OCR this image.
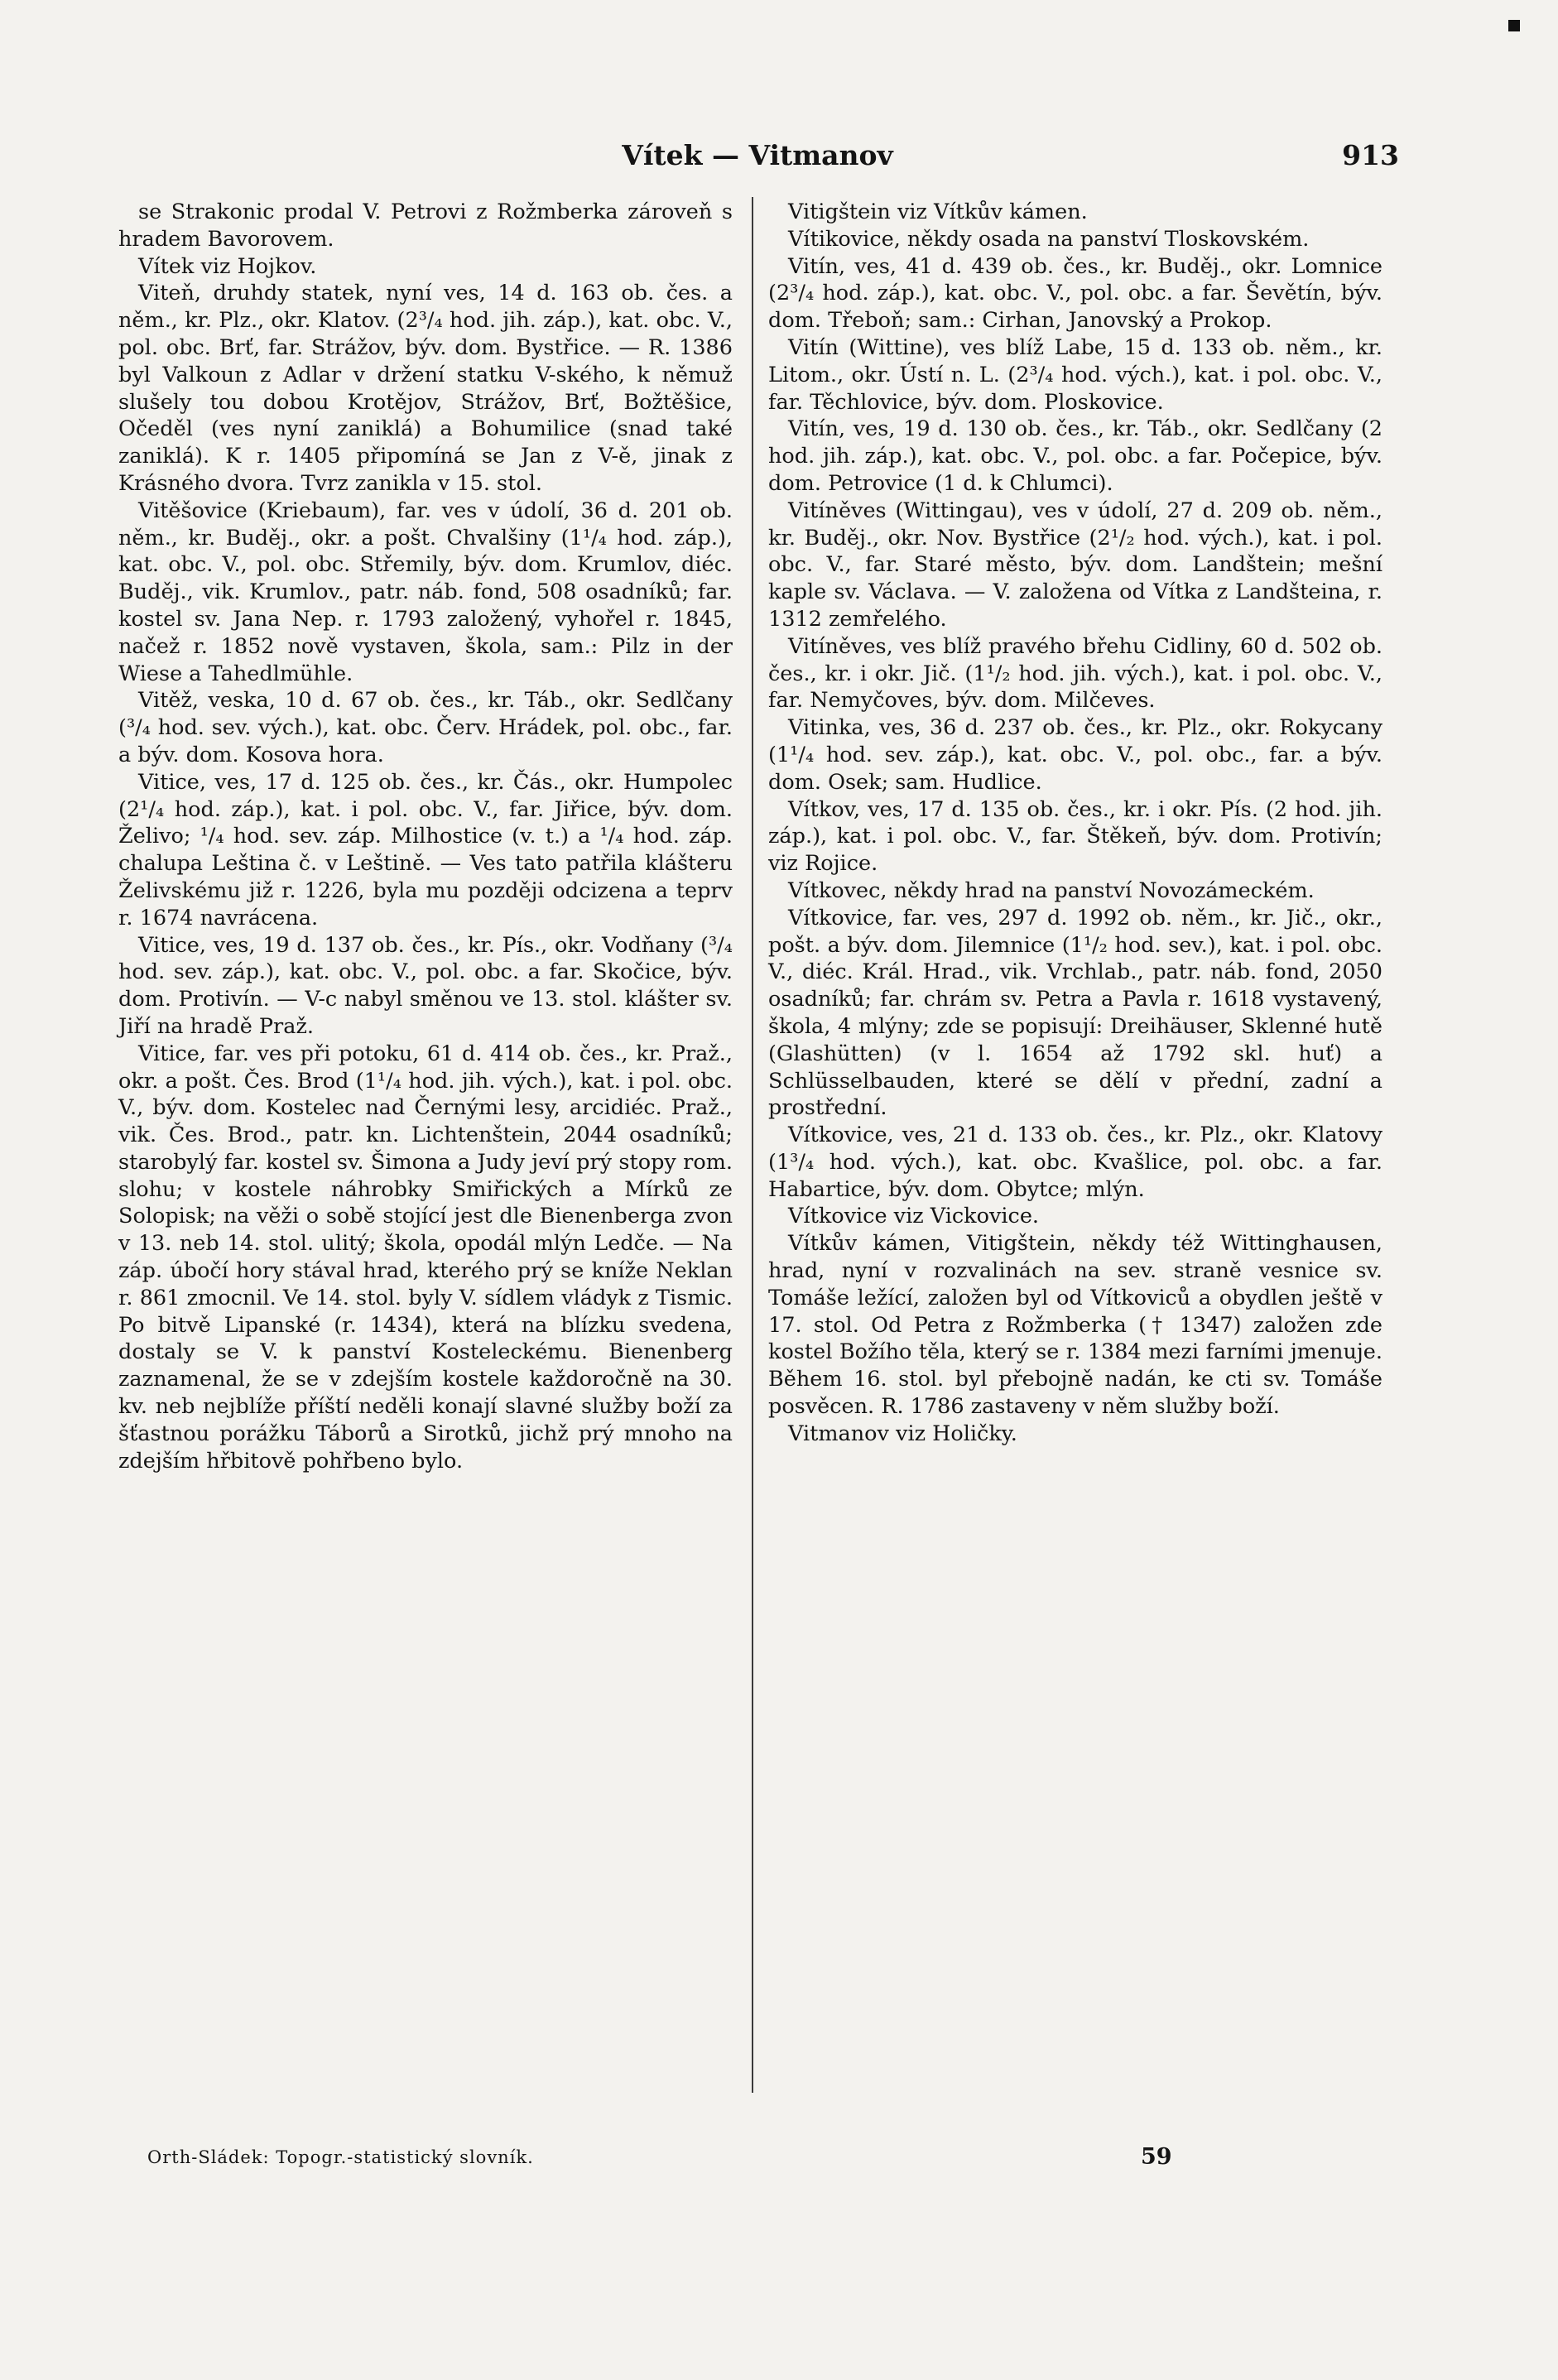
Vítek — Vitmanov	913

se Strakonic prodal V. Petrovi z Rožmberka zároveň s hradem Bavorovem.

Vítek viz Hojkov.

Viteň, druhdy statek, nyní ves, 14 d. 163 ob. čes. a něm., kr. Plz., okr. Klatov. (2³/₄ hod. jih. záp.), kat. obc. V., pol. obc. Brť, far. Strážov, býv. dom. Bystřice. — R. 1386 byl Valkoun z Adlar v držení statku V-ského, k němuž slušely tou dobou Krotějov, Strážov, Brť, Božtěšice, Očeděl (ves nyní zaniklá) a Bohumilice (snad také zaniklá). K r. 1405 připomíná se Jan z V-ě, jinak z Krásného dvora. Tvrz zanikla v 15. stol.

Vitěšovice (Kriebaum), far. ves v údolí, 36 d. 201 ob. něm., kr. Buděj., okr. a pošt. Chvalšiny (1¹/₄ hod. záp.), kat. obc. V., pol. obc. Střemily, býv. dom. Krumlov, diéc. Buděj., vik. Krumlov., patr. náb. fond, 508 osadníků; far. kostel sv. Jana Nep. r. 1793 založený, vyhořel r. 1845, načež r. 1852 nově vystaven, škola, sam.: Pilz in der Wiese a Tahedlmühle.

Vitěž, veska, 10 d. 67 ob. čes., kr. Táb., okr. Sedlčany (³/₄ hod. sev. vých.), kat. obc. Červ. Hrádek, pol. obc., far. a býv. dom. Kosova hora.

Vitice, ves, 17 d. 125 ob. čes., kr. Čás., okr. Humpolec (2¹/₄ hod. záp.), kat. i pol. obc. V., far. Jiřice, býv. dom. Želivo; ¹/₄ hod. sev. záp. Milhostice (v. t.) a ¹/₄ hod. záp. chalupa Leština č. v Leštině. — Ves tato patřila klášteru Želivskému již r. 1226, byla mu později odcizena a teprv r. 1674 navrácena.

Vitice, ves, 19 d. 137 ob. čes., kr. Pís., okr. Vodňany (³/₄ hod. sev. záp.), kat. obc. V., pol. obc. a far. Skočice, býv. dom. Protivín. — V-c nabyl směnou ve 13. stol. klášter sv. Jiří na hradě Praž.

Vitice, far. ves při potoku, 61 d. 414 ob. čes., kr. Praž., okr. a pošt. Čes. Brod (1¹/₄ hod. jih. vých.), kat. i pol. obc. V., býv. dom. Kostelec nad Černými lesy, arcidiéc. Praž., vik. Čes. Brod., patr. kn. Lichtenštein, 2044 osadníků; starobylý far. kostel sv. Šimona a Judy jeví prý stopy rom. slohu; v kostele náhrobky Smiřických a Mírků ze Solopisk; na věži o sobě stojící jest dle Bienenberga zvon v 13. neb 14. stol. ulitý; škola, opodál mlýn Ledče. — Na záp. úbočí hory stával hrad, kterého prý se kníže Neklan r. 861 zmocnil. Ve 14. stol. byly V. sídlem vládyk z Tismic. Po bitvě Lipanské (r. 1434), která na blízku svedena, dostaly se V. k panství Kosteleckému. Bienenberg zaznamenal, že se v zdejším kostele každoročně na 30. kv. neb nejblíže příští neděli konají slavné služby boží za šťastnou porážku Táborů a Sirotků, jichž prý mnoho na zdejším hřbitově pohřbeno bylo.

Vitigštein viz Vítkův kámen.

Vítikovice, někdy osada na panství Tloskovském.

Vitín, ves, 41 d. 439 ob. čes., kr. Buděj., okr. Lomnice (2³/₄ hod. záp.), kat. obc. V., pol. obc. a far. Ševětín, býv. dom. Třeboň; sam.: Cirhan, Janovský a Prokop.

Vitín (Wittine), ves blíž Labe, 15 d. 133 ob. něm., kr. Litom., okr. Ústí n. L. (2³/₄ hod. vých.), kat. i pol. obc. V., far. Těchlovice, býv. dom. Ploskovice.

Vitín, ves, 19 d. 130 ob. čes., kr. Táb., okr. Sedlčany (2 hod. jih. záp.), kat. obc. V., pol. obc. a far. Počepice, býv. dom. Petrovice (1 d. k Chlumci).

Vitíněves (Wittingau), ves v údolí, 27 d. 209 ob. něm., kr. Buděj., okr. Nov. Bystřice (2¹/₂ hod. vých.), kat. i pol. obc. V., far. Staré město, býv. dom. Landštein; mešní kaple sv. Václava. — V. založena od Vítka z Landšteina, r. 1312 zemřelého.

Vitíněves, ves blíž pravého břehu Cidliny, 60 d. 502 ob. čes., kr. i okr. Jič. (1¹/₂ hod. jih. vých.), kat. i pol. obc. V., far. Nemyčoves, býv. dom. Milčeves.

Vitinka, ves, 36 d. 237 ob. čes., kr. Plz., okr. Rokycany (1¹/₄ hod. sev. záp.), kat. obc. V., pol. obc., far. a býv. dom. Osek; sam. Hudlice.

Vítkov, ves, 17 d. 135 ob. čes., kr. i okr. Pís. (2 hod. jih. záp.), kat. i pol. obc. V., far. Štěkeň, býv. dom. Protivín; viz Rojice.

Vítkovec, někdy hrad na panství Novozámeckém.

Vítkovice, far. ves, 297 d. 1992 ob. něm., kr. Jič., okr., pošt. a býv. dom. Jilemnice (1¹/₂ hod. sev.), kat. i pol. obc. V., diéc. Král. Hrad., vik. Vrchlab., patr. náb. fond, 2050 osadníků; far. chrám sv. Petra a Pavla r. 1618 vystavený, škola, 4 mlýny; zde se popisují: Dreihäuser, Sklenné hutě (Glashütten) (v l. 1654 až 1792 skl. huť) a Schlüsselbauden, které se dělí v přední, zadní a prostřední.

Vítkovice, ves, 21 d. 133 ob. čes., kr. Plz., okr. Klatovy (1³/₄ hod. vých.), kat. obc. Kvašlice, pol. obc. a far. Habartice, býv. dom. Obytce; mlýn.

Vítkovice viz Vickovice.

Vítkův kámen, Vitigštein, někdy též Wittinghausen, hrad, nyní v rozvalinách na sev. straně vesnice sv. Tomáše ležící, založen byl od Vítkoviců a obydlen ještě v 17. stol. Od Petra z Rožmberka († 1347) založen zde kostel Božího těla, který se r. 1384 mezi farními jmenuje. Během 16. stol. byl přebojně nadán, ke cti sv. Tomáše posvěcen. R. 1786 zastaveny v něm služby boží.

Vitmanov viz Holičky.

Orth-Sládek: Topogr.-statistický slovník.	59
